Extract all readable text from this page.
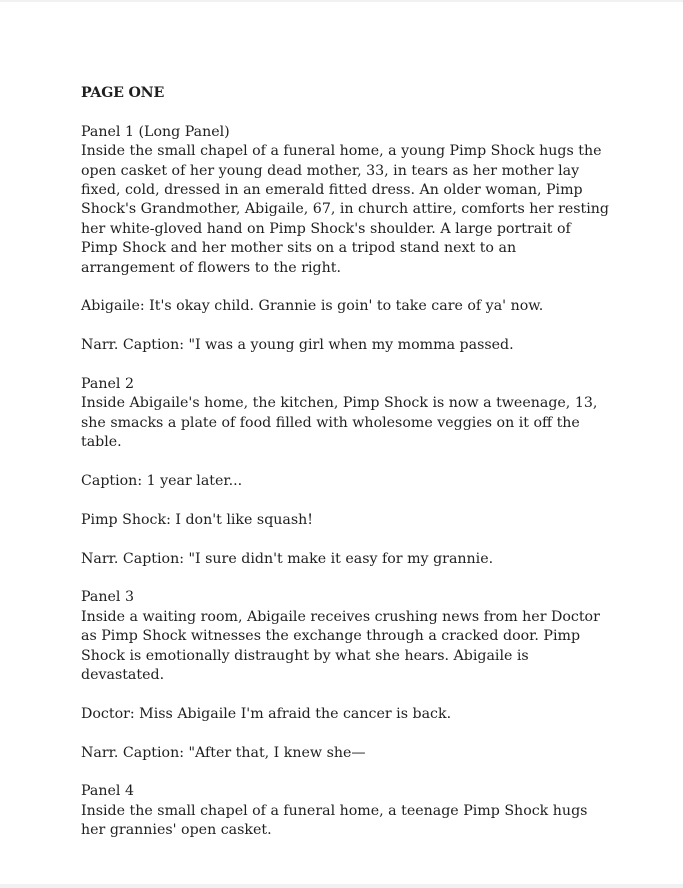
PAGE ONE
Panel 1 (Long Panel)
Inside the small chapel of a funeral home, a young Pimp Shock hugs the open casket of her young dead mother, 33, in tears as her mother lay fixed, cold, dressed in an emerald fitted dress. An older woman, Pimp Shock's Grandmother, Abigaile, 67, in church attire, comforts her resting her white-gloved hand on Pimp Shock's shoulder. A large portrait of Pimp Shock and her mother sits on a tripod stand next to an arrangement of flowers to the right.
Abigaile: It's okay child. Grannie is goin' to take care of ya' now.
Narr. Caption: "I was a young girl when my momma passed.
Panel 2
Inside Abigaile's home, the kitchen, Pimp Shock is now a tweenage, 13, she smacks a plate of food filled with wholesome veggies on it off the table.
Caption: 1 year later...
Pimp Shock: I don't like squash!
Narr. Caption: "I sure didn't make it easy for my grannie.
Panel 3
Inside a waiting room, Abigaile receives crushing news from her Doctor as Pimp Shock witnesses the exchange through a cracked door. Pimp Shock is emotionally distraught by what she hears. Abigaile is devastated.
Doctor: Miss Abigaile I'm afraid the cancer is back.
Narr. Caption: "After that, I knew she—
Panel 4
Inside the small chapel of a funeral home, a teenage Pimp Shock hugs her grannies' open casket.
